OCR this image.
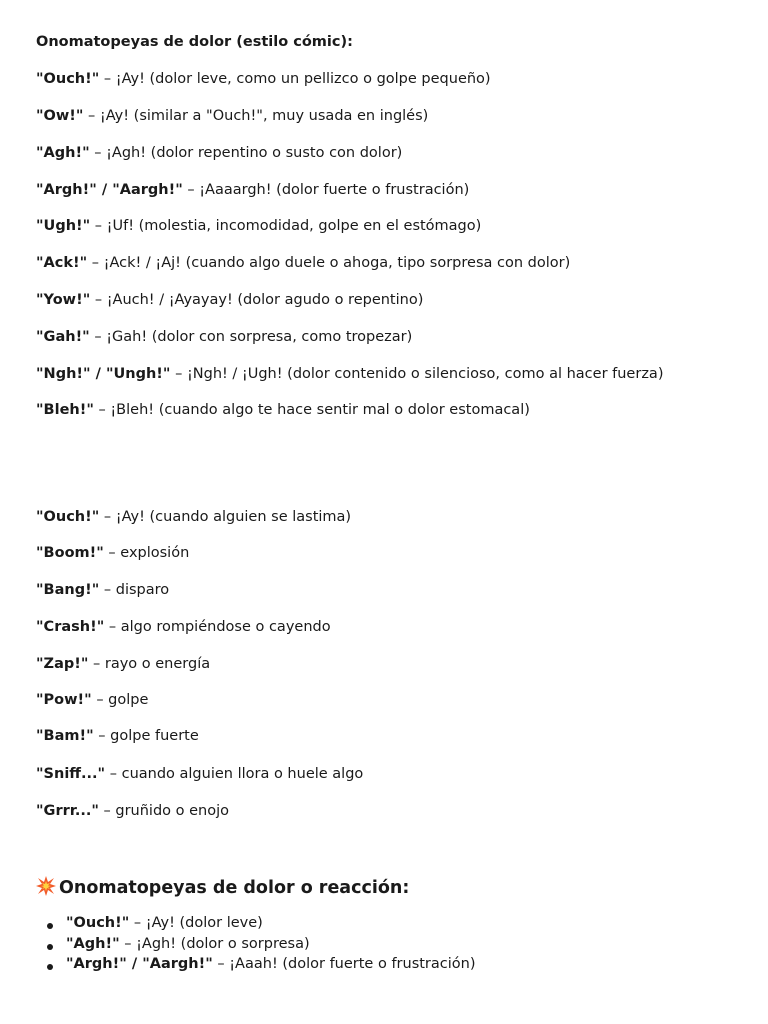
Onomatopeyas de dolor (estilo cómic):
"Ouch!" – ¡Ay! (dolor leve, como un pellizco o golpe pequeño)
"Ow!" – ¡Ay! (similar a "Ouch!", muy usada en inglés)
"Agh!" – ¡Agh! (dolor repentino o susto con dolor)
"Argh!" / "Aargh!" – ¡Aaaargh! (dolor fuerte o frustración)
"Ugh!" – ¡Uf! (molestia, incomodidad, golpe en el estómago)
"Ack!" – ¡Ack! / ¡Aj! (cuando algo duele o ahoga, tipo sorpresa con dolor)
"Yow!" – ¡Auch! / ¡Ayayay! (dolor agudo o repentino)
"Gah!" – ¡Gah! (dolor con sorpresa, como tropezar)
"Ngh!" / "Ungh!" – ¡Ngh! / ¡Ugh! (dolor contenido o silencioso, como al hacer fuerza)
"Bleh!" – ¡Bleh! (cuando algo te hace sentir mal o dolor estomacal)
"Ouch!" – ¡Ay! (cuando alguien se lastima)
"Boom!" – explosión
"Bang!" – disparo
"Crash!" – algo rompiéndose o cayendo
"Zap!" – rayo o energía
"Pow!" – golpe
"Bam!" – golpe fuerte
"Sniff..." – cuando alguien llora o huele algo
"Grrr..." – gruñido o enojo
Onomatopeyas de dolor o reacción:
"Ouch!" – ¡Ay! (dolor leve)
"Agh!" – ¡Agh! (dolor o sorpresa)
"Argh!" / "Aargh!" – ¡Aaah! (dolor fuerte o frustración)
